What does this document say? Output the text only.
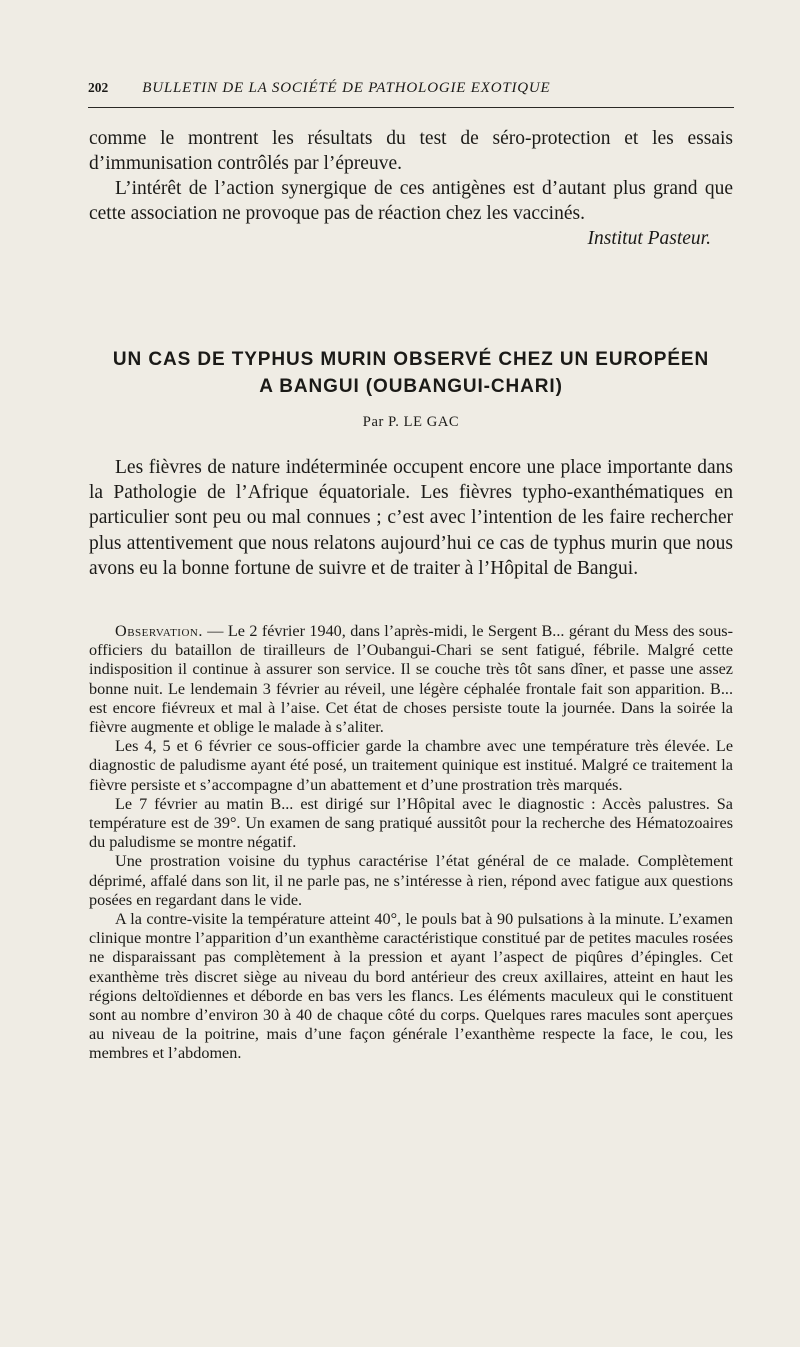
202 BULLETIN DE LA SOCIÉTÉ DE PATHOLOGIE EXOTIQUE

comme le montrent les résultats du test de séro-protection et les essais d’immunisation contrôlés par l’épreuve.

L’intérêt de l’action synergique de ces antigènes est d’autant plus grand que cette association ne provoque pas de réaction chez les vaccinés.

Institut Pasteur.

UN CAS DE TYPHUS MURIN OBSERVÉ CHEZ UN EUROPÉEN
A BANGUI (OUBANGUI-CHARI)
Par P. LE GAC

Les fièvres de nature indéterminée occupent encore une place importante dans la Pathologie de l’Afrique équatoriale. Les fièvres typho-exanthématiques en particulier sont peu ou mal connues ; c’est avec l’intention de les faire rechercher plus attentivement que nous relatons aujourd’hui ce cas de typhus murin que nous avons eu la bonne fortune de suivre et de traiter à l’Hôpital de Bangui.

Observation. — Le 2 février 1940, dans l’après-midi, le Sergent B... gérant du Mess des sous-officiers du bataillon de tirailleurs de l’Oubangui-Chari se sent fatigué, fébrile. Malgré cette indisposition il continue à assurer son service. Il se couche très tôt sans dîner, et passe une assez bonne nuit. Le lendemain 3 février au réveil, une légère céphalée frontale fait son apparition. B... est encore fiévreux et mal à l’aise. Cet état de choses persiste toute la journée. Dans la soirée la fièvre augmente et oblige le malade à s’aliter.

Les 4, 5 et 6 février ce sous-officier garde la chambre avec une température très élevée. Le diagnostic de paludisme ayant été posé, un traitement quinique est institué. Malgré ce traitement la fièvre persiste et s’accompagne d’un abattement et d’une prostration très marqués.

Le 7 février au matin B... est dirigé sur l’Hôpital avec le diagnostic : Accès palustres. Sa température est de 39°. Un examen de sang pratiqué aussitôt pour la recherche des Hématozoaires du paludisme se montre négatif.

Une prostration voisine du typhus caractérise l’état général de ce malade. Complètement déprimé, affalé dans son lit, il ne parle pas, ne s’intéresse à rien, répond avec fatigue aux questions posées en regardant dans le vide.

A la contre-visite la température atteint 40°, le pouls bat à 90 pulsations à la minute. L’examen clinique montre l’apparition d’un exanthème caractéristique constitué par de petites macules rosées ne disparaissant pas complètement à la pression et ayant l’aspect de piqûres d’épingles. Cet exanthème très discret siège au niveau du bord antérieur des creux axillaires, atteint en haut les régions deltoïdiennes et déborde en bas vers les flancs. Les éléments maculeux qui le constituent sont au nombre d’environ 30 à 40 de chaque côté du corps. Quelques rares macules sont aperçues au niveau de la poitrine, mais d’une façon générale l’exanthème respecte la face, le cou, les membres et l’abdomen.
